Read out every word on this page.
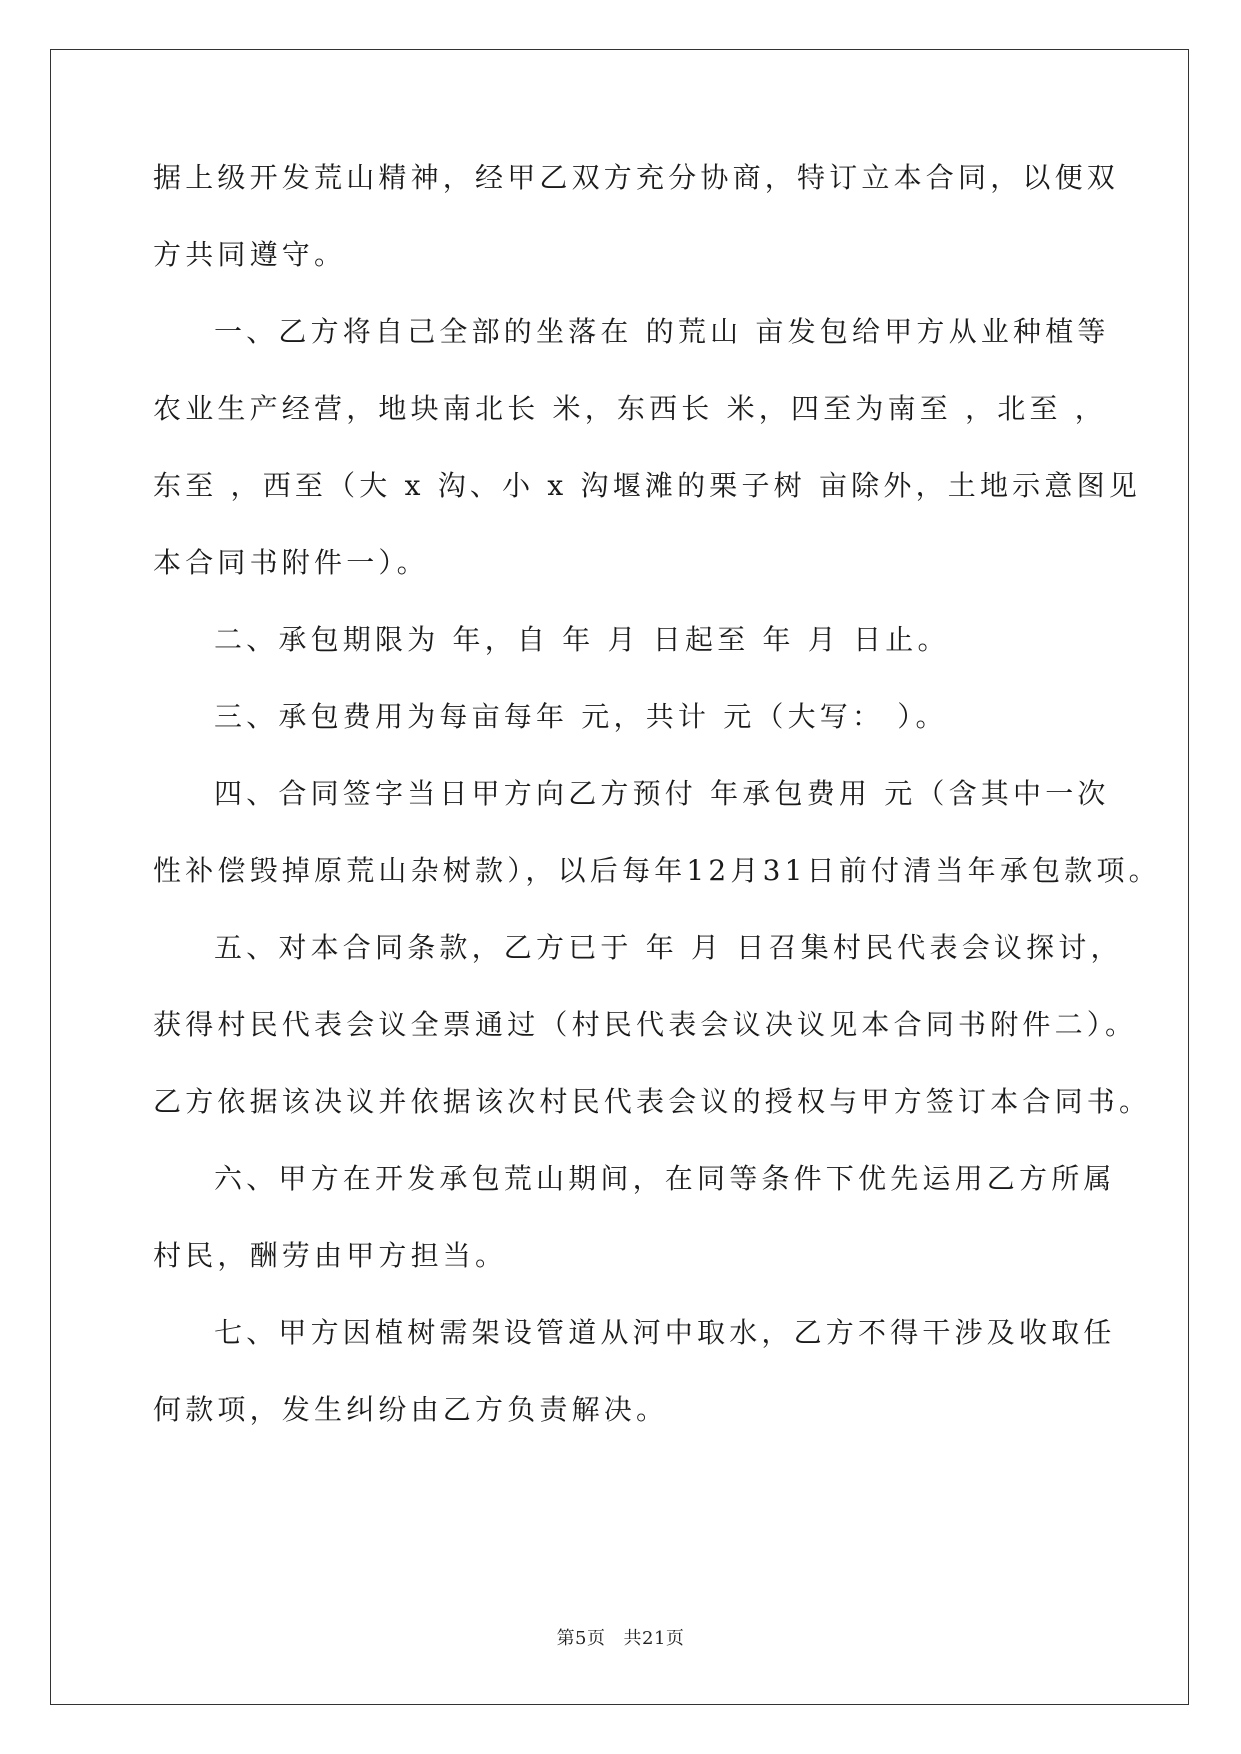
据上级开发荒山精神，经甲乙双方充分协商，特订立本合同，以便双
方共同遵守。
一、乙方将自己全部的坐落在 的荒山 亩发包给甲方从业种植等
农业生产经营，地块南北长 米，东西长 米，四至为南至 ，北至 ，
东至 ，西至（大 x 沟、小 x 沟堰滩的栗子树 亩除外，土地示意图见
本合同书附件一）。
二、承包期限为 年，自 年 月 日起至 年 月 日止。
三、承包费用为每亩每年 元，共计 元（大写： ）。
四、合同签字当日甲方向乙方预付 年承包费用 元（含其中一次
性补偿毁掉原荒山杂树款），以后每年12月31日前付清当年承包款项。
五、对本合同条款，乙方已于 年 月 日召集村民代表会议探讨，
获得村民代表会议全票通过（村民代表会议决议见本合同书附件二）。
乙方依据该决议并依据该次村民代表会议的授权与甲方签订本合同书。
六、甲方在开发承包荒山期间，在同等条件下优先运用乙方所属
村民，酬劳由甲方担当。
七、甲方因植树需架设管道从河中取水，乙方不得干涉及收取任
何款项，发生纠纷由乙方负责解决。
第5页 共21页
